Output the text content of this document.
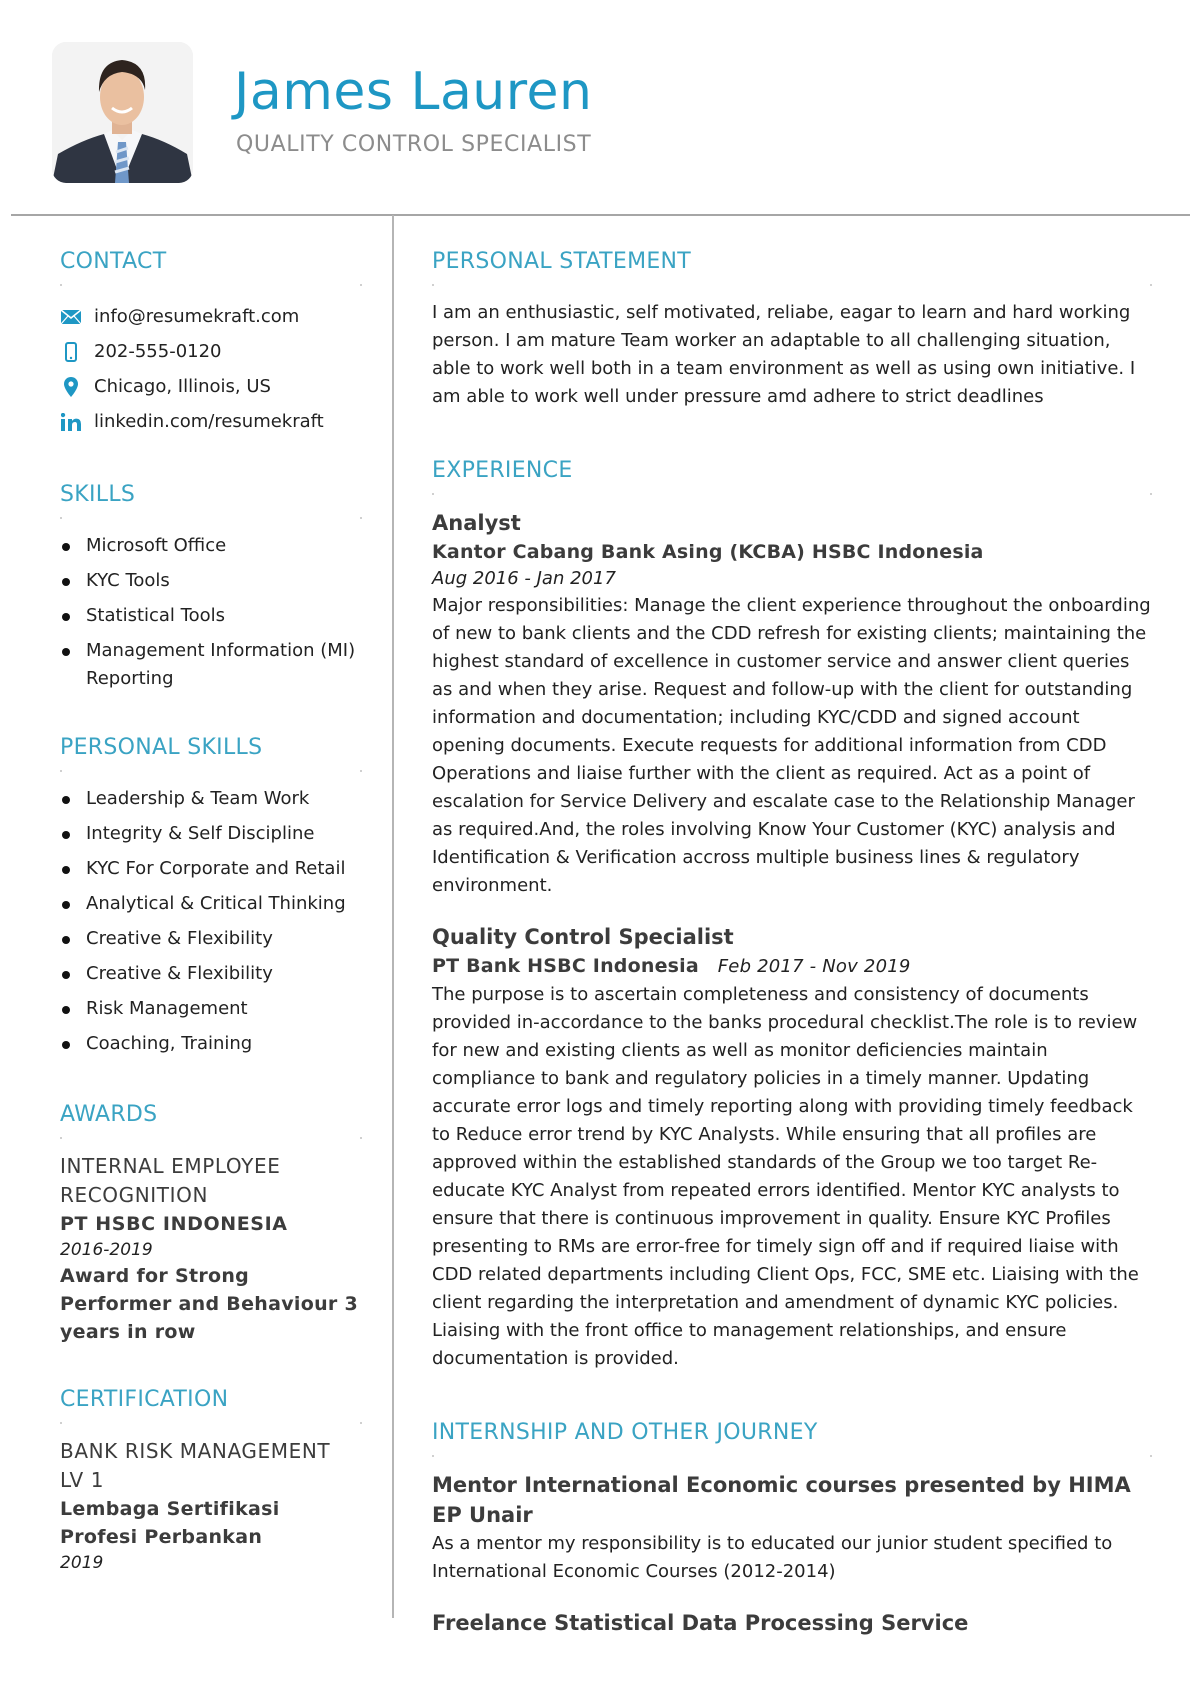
James Lauren
QUALITY CONTROL SPECIALIST
CONTACT
info@resumekraft.com
202-555-0120
Chicago, Illinois, US
linkedin.com/resumekraft
SKILLS
Microsoft Office
KYC Tools
Statistical Tools
Management Information (MI) Reporting
PERSONAL SKILLS
Leadership & Team Work
Integrity & Self Discipline
KYC For Corporate and Retail
Analytical & Critical Thinking
Creative & Flexibility
Creative & Flexibility
Risk Management
Coaching, Training
AWARDS
INTERNAL EMPLOYEE RECOGNITION
PT HSBC INDONESIA
2016-2019
Award for Strong Performer and Behaviour 3 years in row
CERTIFICATION
BANK RISK MANAGEMENT LV 1
Lembaga Sertifikasi Profesi Perbankan
2019
PERSONAL STATEMENT

I am an enthusiastic, self motivated, reliabe, eagar to learn and hard working person. I am mature Team worker an adaptable to all challenging situation, able to work well both in a team environment as well as using own initiative. I am able to work well under pressure amd adhere to strict deadlines

EXPERIENCE
Analyst
Kantor Cabang Bank Asing (KCBA) HSBC Indonesia
Aug 2016 - Jan 2017

Major responsibilities: Manage the client experience throughout the onboarding of new to bank clients and the CDD refresh for existing clients; maintaining the highest standard of excellence in customer service and answer client queries as and when they arise. Request and follow-up with the client for outstanding information and documentation; including KYC/CDD and signed account opening documents. Execute requests for additional information from CDD Operations and liaise further with the client as required. Act as a point of escalation for Service Delivery and escalate case to the Relationship Manager as required.And, the roles involving Know Your Customer (KYC) analysis and Identification & Verification accross multiple business lines & regulatory environment.

Quality Control Specialist
PT Bank HSBC Indonesia Feb 2017 - Nov 2019

The purpose is to ascertain completeness and consistency of documents provided in-accordance to the banks procedural checklist.The role is to review for new and existing clients as well as monitor deficiencies maintain compliance to bank and regulatory policies in a timely manner. Updating accurate error logs and timely reporting along with providing timely feedback to Reduce error trend by KYC Analysts. While ensuring that all profiles are approved within the established standards of the Group we too target Re-educate KYC Analyst from repeated errors identified. Mentor KYC analysts to ensure that there is continuous improvement in quality. Ensure KYC Profiles presenting to RMs are error-free for timely sign off and if required liaise with CDD related departments including Client Ops, FCC, SME etc. Liaising with the client regarding the interpretation and amendment of dynamic KYC policies. Liaising with the front office to management relationships, and ensure documentation is provided.

INTERNSHIP AND OTHER JOURNEY
Mentor International Economic courses presented by HIMA EP Unair

As a mentor my responsibility is to educated our junior student specified to International Economic Courses (2012-2014)

Freelance Statistical Data Processing Service
